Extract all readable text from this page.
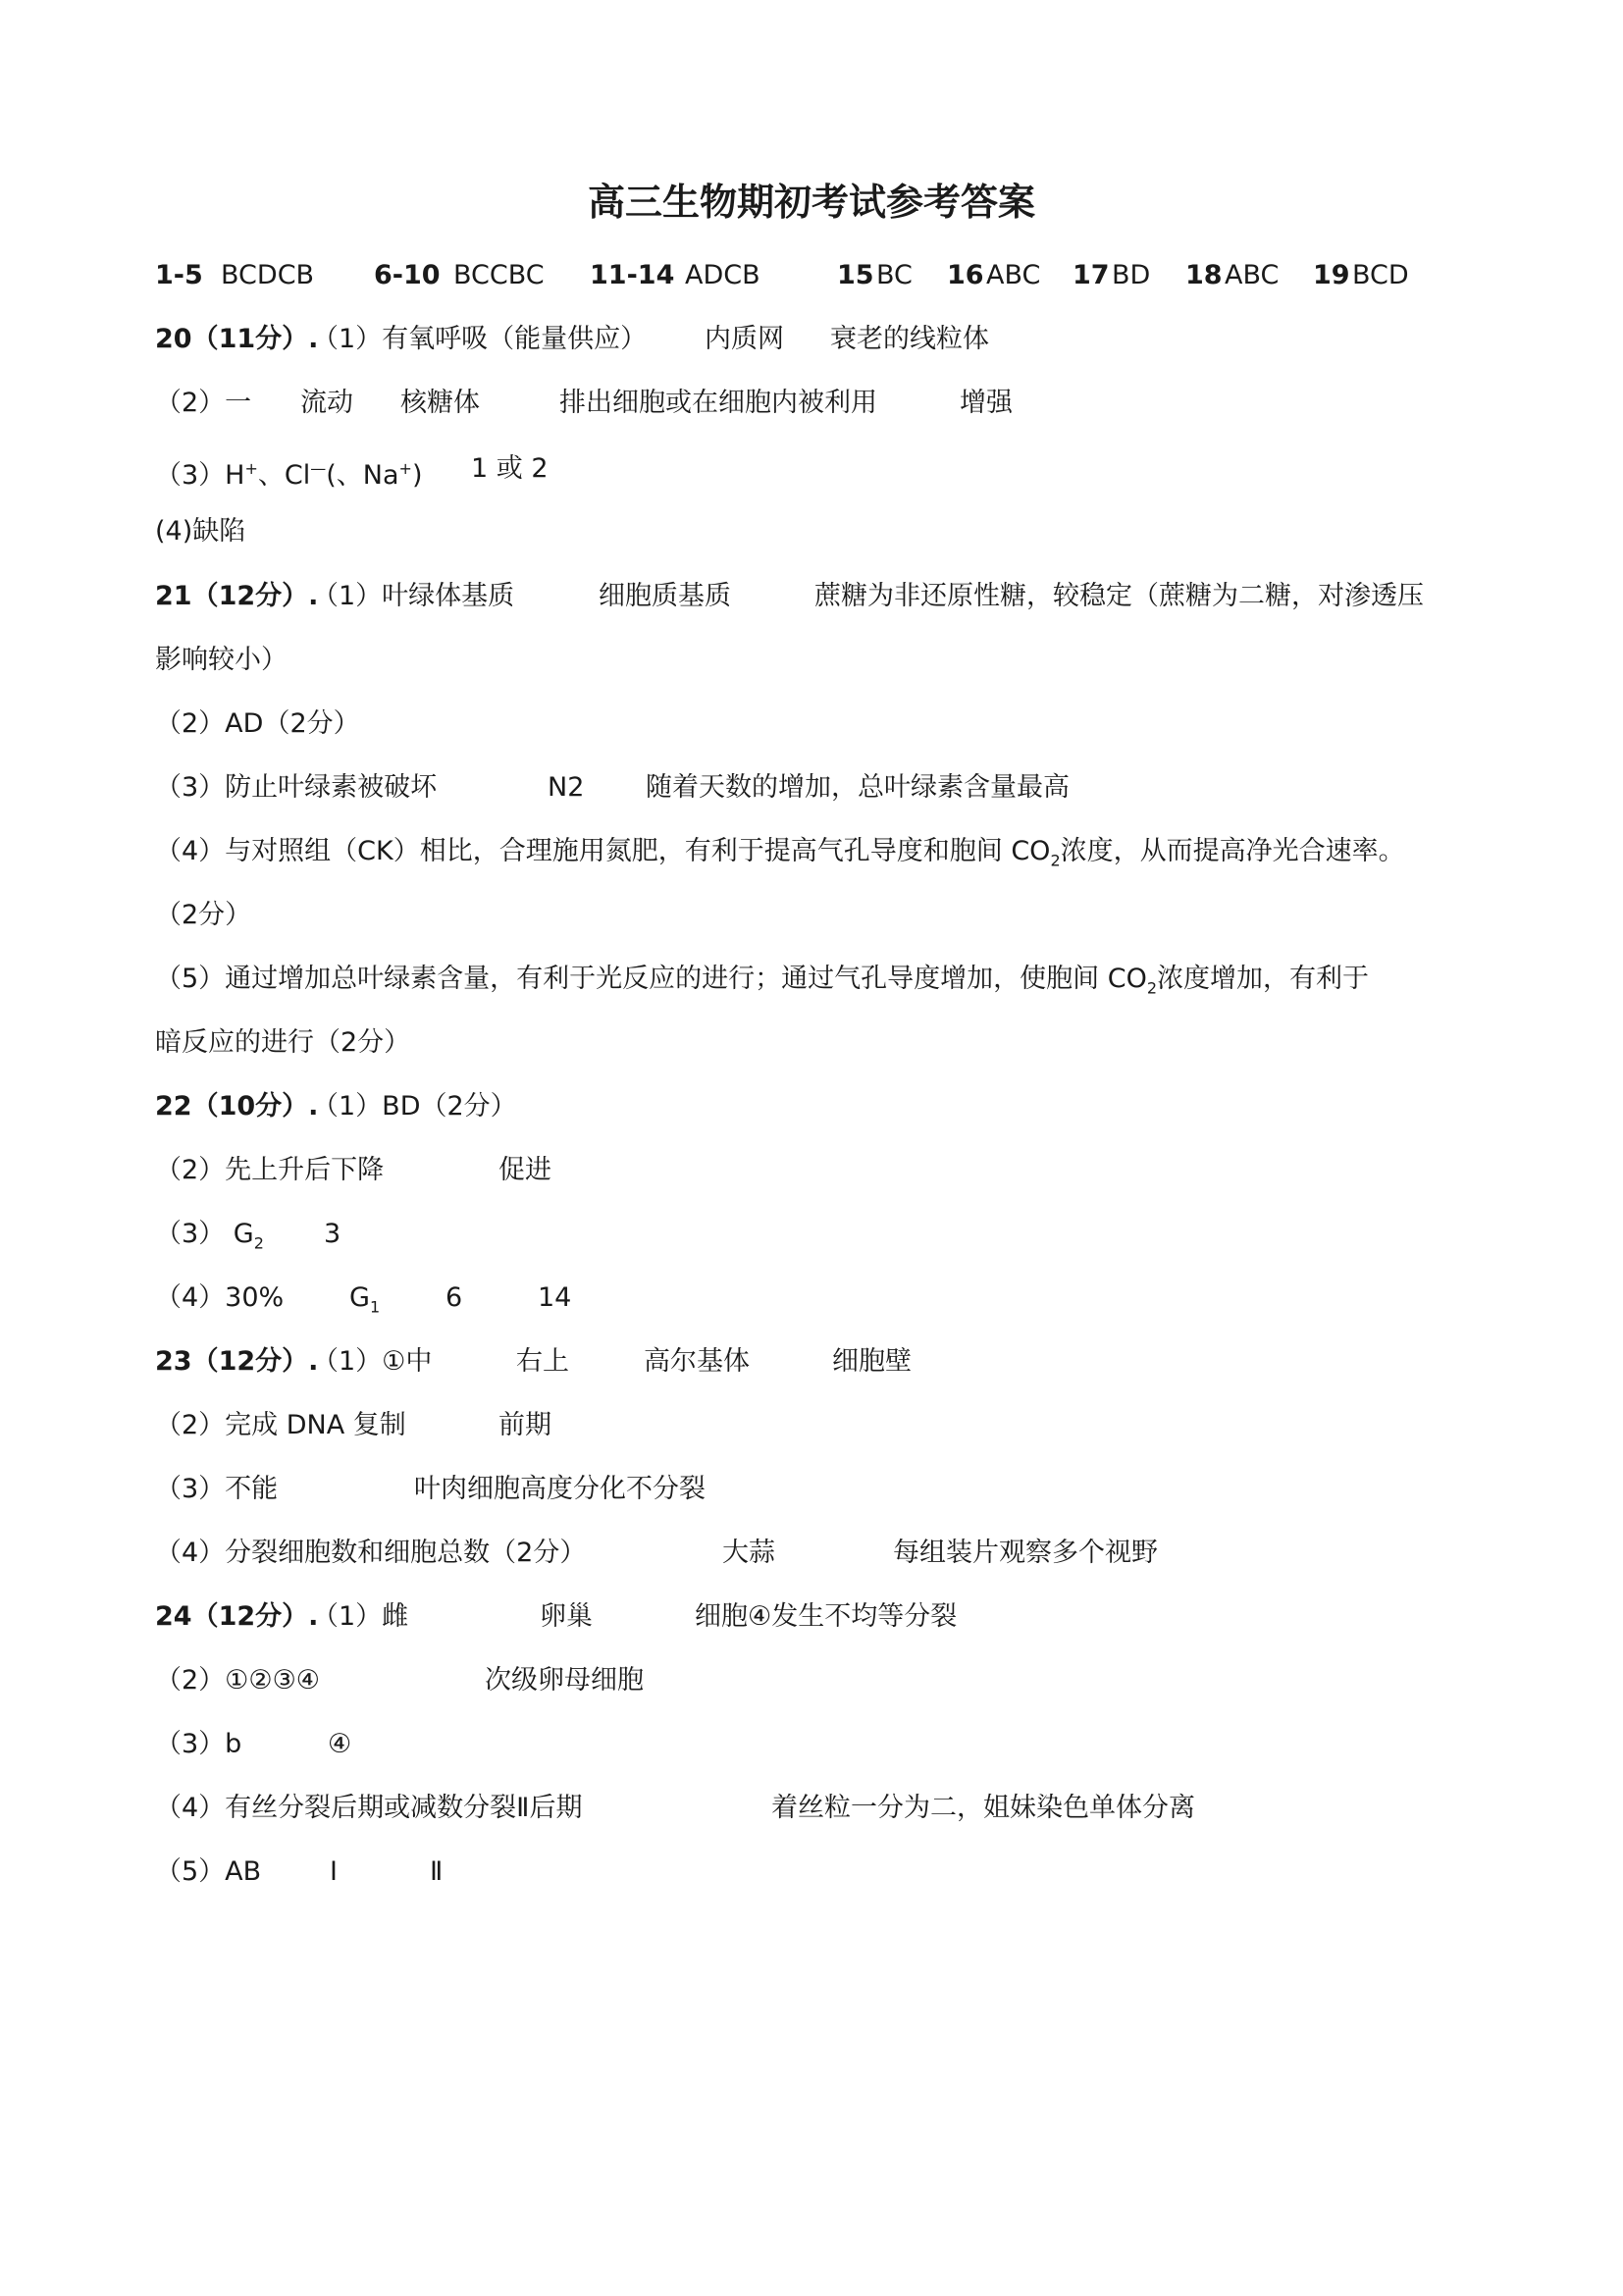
高三生物期初考试参考答案
1-5 BCDCB 6-10 BCCBC 11-14 ADCB	15 BC 16 ABC 17 BD 18 ABC 19 BCD
20（11分）.
（1）有氧呼吸（能量供应） 内质网 衰老的线粒体
（2）一 流动 核糖体	排出细胞或在细胞内被利用	增强
（3）H+、Cl—(、Na+) 1 或 2
(4)缺陷
21（12分）.
（1）叶绿体基质	细胞质基质	蔗糖为非还原性糖，较稳定（蔗糖为二糖，对渗透压
影响较小）
（2）AD（2分）
（3）防止叶绿素被破坏	N2 随着天数的增加，总叶绿素含量最高
（4）与对照组（CK）相比，合理施用氮肥，有利于提高气孔导度和胞间 $CO_2$浓度，从而提高净光合速率。
（2分）
（5）通过增加总叶绿素含量，有利于光反应的进行；通过气孔导度增加，使胞间 $CO_2$浓度增加，有利于
暗反应的进行（2分）
22（10分）.
（1）BD（2分）
（2）先上升后下降	促进
（3） $G_2$ 3
（4）30% $G_1$ 6	14
23（12分）.
（1）①中	右上	高尔基体	细胞壁
（2）完成 DNA 复制	前期
（3）不能	叶肉细胞高度分化不分裂
（4）分裂细胞数和细胞总数（2分）	大蒜	每组装片观察多个视野
24（12分）.
（1）雌	卵巢	细胞④发生不均等分裂
（2）①②③④	次级卵母细胞
（3）b	④
（4）有丝分裂后期或减数分裂Ⅱ后期	着丝粒一分为二，姐妹染色单体分离
（5）AB	Ⅰ	Ⅱ
